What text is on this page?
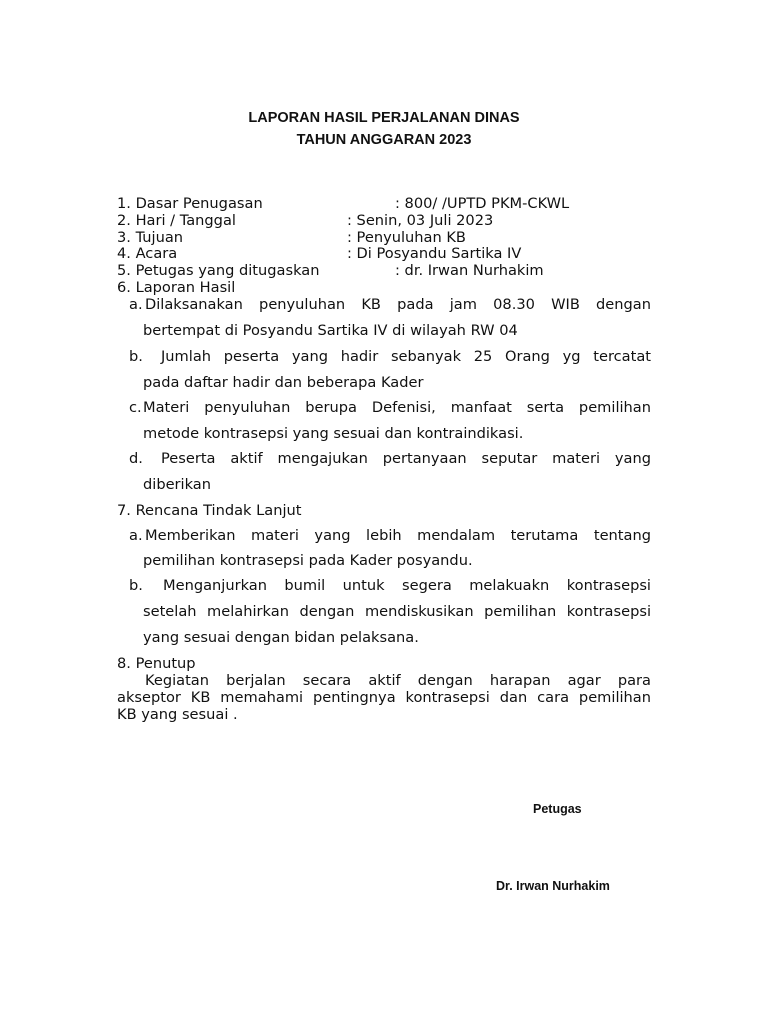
LAPORAN HASIL PERJALANAN DINAS
TAHUN ANGGARAN 2023
1. Dasar Penugasan	: 800/ /UPTD PKM-CKWL
2. Hari / Tanggal	: Senin, 03 Juli 2023
3. Tujuan	: Penyuluhan KB
4. Acara	: Di Posyandu Sartika IV
5. Petugas yang ditugaskan	: dr. Irwan Nurhakim
6. Laporan Hasil
a. Dilaksanakan penyuluhan KB pada jam 08.30 WIB dengan
bertempat di Posyandu Sartika IV di wilayah RW 04
b. Jumlah peserta yang hadir sebanyak 25 Orang yg tercatat
pada daftar hadir dan beberapa Kader
c. Materi penyuluhan berupa Defenisi, manfaat serta pemilihan
metode kontrasepsi yang sesuai dan kontraindikasi.
d. Peserta aktif mengajukan pertanyaan seputar materi yang
diberikan
7. Rencana Tindak Lanjut
a. Memberikan materi yang lebih mendalam terutama tentang
pemilihan kontrasepsi pada Kader posyandu.
b. Menganjurkan bumil untuk segera melakuakn kontrasepsi
setelah melahirkan dengan mendiskusikan pemilihan kontrasepsi
yang sesuai dengan bidan pelaksana.
8. Penutup
Kegiatan berjalan secara aktif dengan harapan agar para
akseptor KB memahami pentingnya kontrasepsi dan cara pemilihan
KB yang sesuai .
Petugas
Dr. Irwan Nurhakim
